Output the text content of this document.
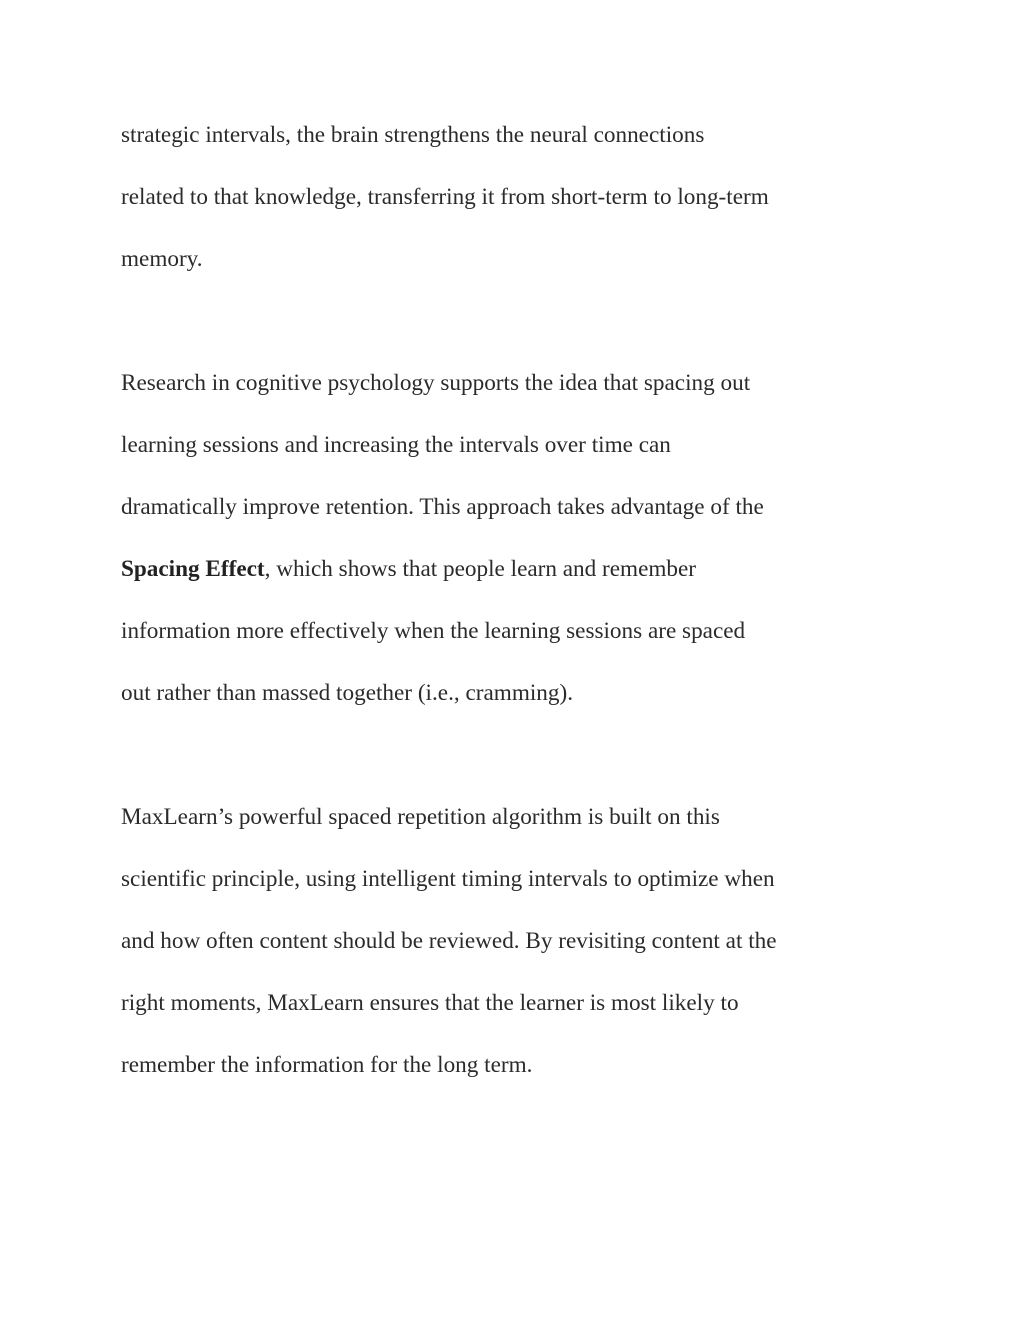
strategic intervals, the brain strengthens the neural connections
related to that knowledge, transferring it from short-term to long-term
memory.
Research in cognitive psychology supports the idea that spacing out
learning sessions and increasing the intervals over time can
dramatically improve retention. This approach takes advantage of the
Spacing Effect, which shows that people learn and remember
information more effectively when the learning sessions are spaced
out rather than massed together (i.e., cramming).
MaxLearn’s powerful spaced repetition algorithm is built on this
scientific principle, using intelligent timing intervals to optimize when
and how often content should be reviewed. By revisiting content at the
right moments, MaxLearn ensures that the learner is most likely to
remember the information for the long term.
